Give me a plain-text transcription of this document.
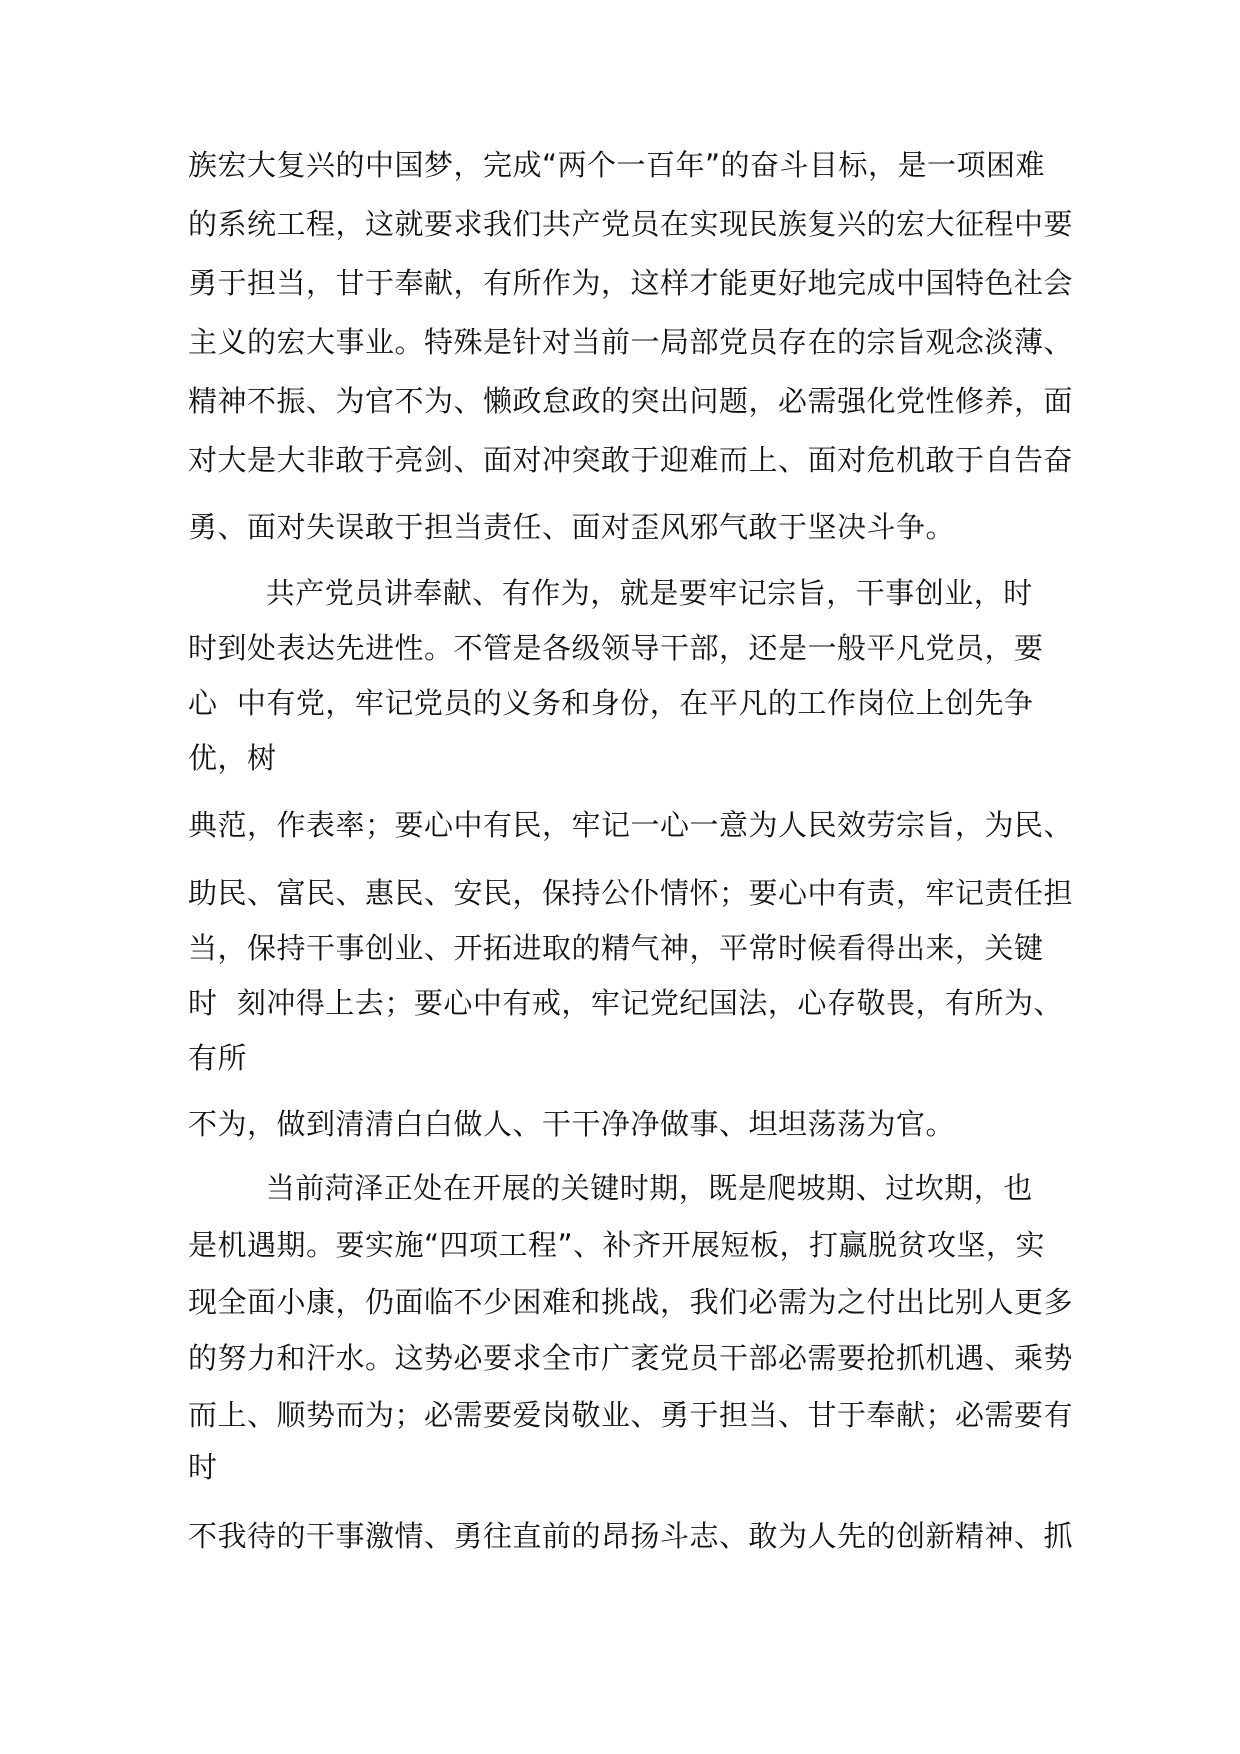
族宏大复兴的中国梦，完成“两个一百年”的奋斗目标，是一项困难
的系统工程，这就要求我们共产党员在实现民族复兴的宏大征程中要
勇于担当，甘于奉献，有所作为，这样才能更好地完成中国特色社会
主义的宏大事业。特殊是针对当前一局部党员存在的宗旨观念淡薄、
精神不振、为官不为、懒政怠政的突出问题，必需强化党性修养，面
对大是大非敢于亮剑、面对冲突敢于迎难而上、面对危机敢于自告奋
勇、面对失误敢于担当责任、面对歪风邪气敢于坚决斗争。
共产党员讲奉献、有作为，就是要牢记宗旨，干事创业，时
时到处表达先进性。不管是各级领导干部，还是一般平凡党员，要
心  中有党，牢记党员的义务和身份，在平凡的工作岗位上创先争
优，树
典范，作表率；要心中有民，牢记一心一意为人民效劳宗旨，为民、
助民、富民、惠民、安民，保持公仆情怀；要心中有责，牢记责任担
当，保持干事创业、开拓进取的精气神，平常时候看得出来，关键
时  刻冲得上去；要心中有戒，牢记党纪国法，心存敬畏，有所为、
有所
不为，做到清清白白做人、干干净净做事、坦坦荡荡为官。
当前菏泽正处在开展的关键时期，既是爬坡期、过坎期，也
是机遇期。要实施“四项工程”、补齐开展短板，打赢脱贫攻坚，实
现全面小康，仍面临不少困难和挑战，我们必需为之付出比别人更多
的努力和汗水。这势必要求全市广袤党员干部必需要抢抓机遇、乘势
而上、顺势而为；必需要爱岗敬业、勇于担当、甘于奉献；必需要有
时
不我待的干事激情、勇往直前的昂扬斗志、敢为人先的创新精神、抓
